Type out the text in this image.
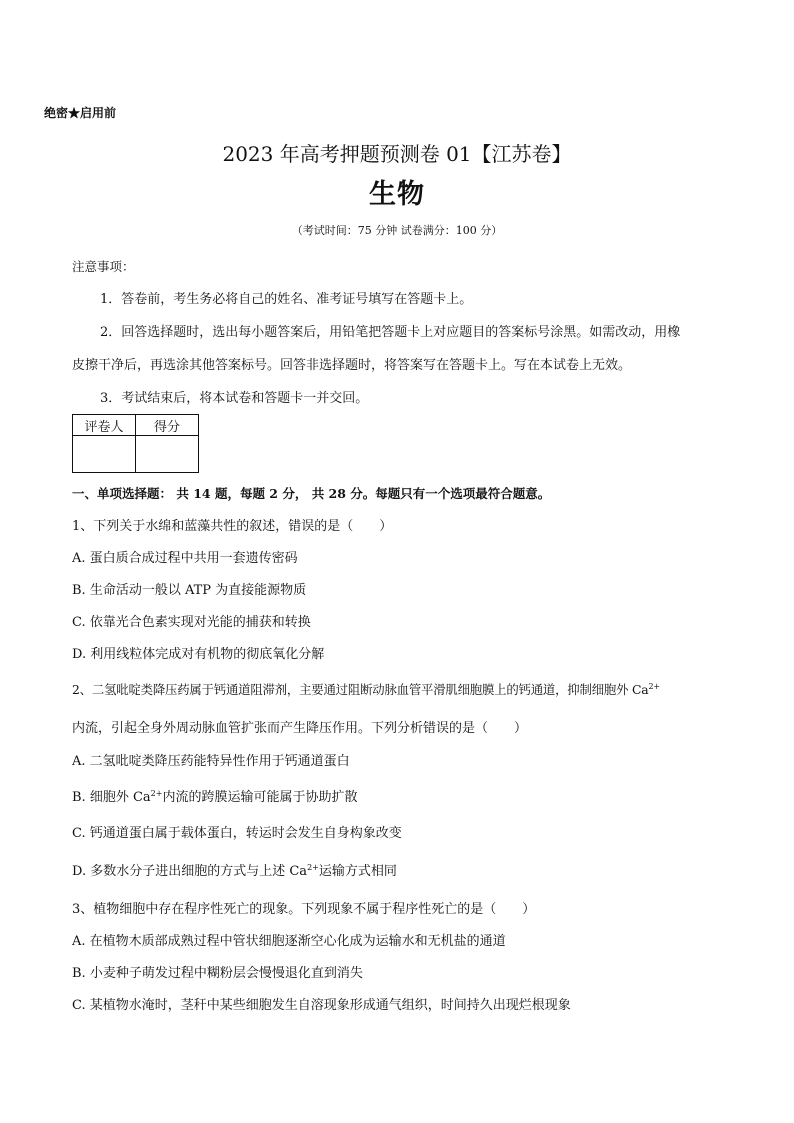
绝密★启用前
2023 年高考押题预测卷 01【江苏卷】
生物
（考试时间：75 分钟 试卷满分：100 分）
注意事项：
1．答卷前，考生务必将自己的姓名、准考证号填写在答题卡上。
2．回答选择题时，选出每小题答案后，用铅笔把答题卡上对应题目的答案标号涂黑。如需改动，用橡
皮擦干净后，再选涂其他答案标号。回答非选择题时，将答案写在答题卡上。写在本试卷上无效。
3．考试结束后，将本试卷和答题卡一并交回。
评卷人	得分

一、单项选择题： 共 14 题，每题 2 分， 共 28 分。每题只有一个选项最符合题意。
1、下列关于水绵和蓝藻共性的叙述，错误的是（　　）
A. 蛋白质合成过程中共用一套遗传密码
B. 生命活动一般以 ATP 为直接能源物质
C. 依靠光合色素实现对光能的捕获和转换
D. 利用线粒体完成对有机物的彻底氧化分解
2、二氢吡啶类降压药属于钙通道阻滞剂，主要通过阻断动脉血管平滑肌细胞膜上的钙通道，抑制细胞外 $Ca^{2+}$
内流，引起全身外周动脉血管扩张而产生降压作用。下列分析错误的是（　　）
A. 二氢吡啶类降压药能特异性作用于钙通道蛋白
B. 细胞外 $Ca^{2+}$内流的跨膜运输可能属于协助扩散
C. 钙通道蛋白属于载体蛋白，转运时会发生自身构象改变
D. 多数水分子进出细胞的方式与上述 $Ca^{2+}$运输方式相同
3、植物细胞中存在程序性死亡的现象。下列现象不属于程序性死亡的是（　　）
A. 在植物木质部成熟过程中管状细胞逐渐空心化成为运输水和无机盐的通道
B. 小麦种子萌发过程中糊粉层会慢慢退化直到消失
C. 某植物水淹时，茎秆中某些细胞发生自溶现象形成通气组织，时间持久出现烂根现象
